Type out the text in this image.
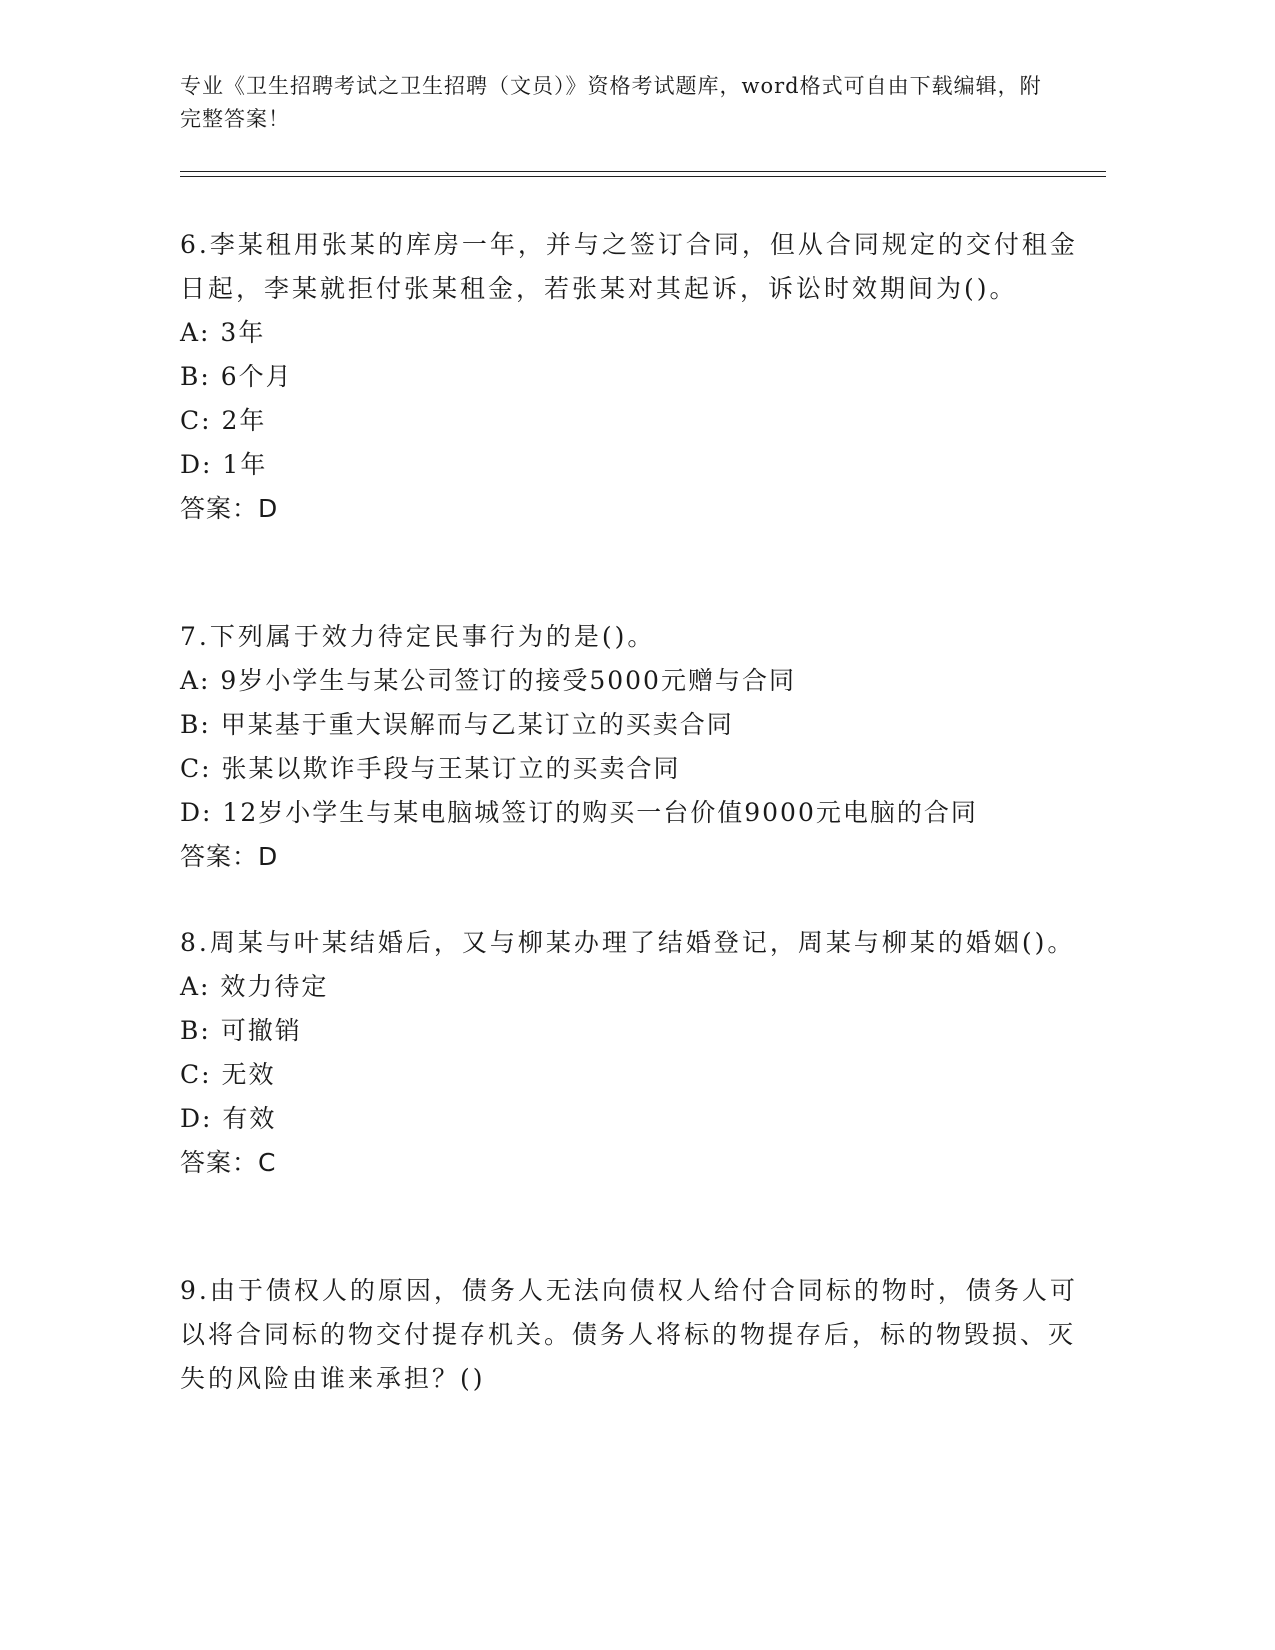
专业《卫生招聘考试之卫生招聘（文员）》资格考试题库，word格式可自由下载编辑，附完整答案！

6.李某租用张某的库房一年，并与之签订合同，但从合同规定的交付租金日起，李某就拒付张某租金，若张某对其起诉，诉讼时效期间为()。

A: 3年

B: 6个月

C: 2年

D: 1年

答案：D

7.下列属于效力待定民事行为的是()。

A: 9岁小学生与某公司签订的接受5000元赠与合同

B: 甲某基于重大误解而与乙某订立的买卖合同

C: 张某以欺诈手段与王某订立的买卖合同

D: 12岁小学生与某电脑城签订的购买一台价值9000元电脑的合同

答案：D

8.周某与叶某结婚后，又与柳某办理了结婚登记，周某与柳某的婚姻()。

A: 效力待定

B: 可撤销

C: 无效

D: 有效

答案：C

9.由于债权人的原因，债务人无法向债权人给付合同标的物时，债务人可以将合同标的物交付提存机关。债务人将标的物提存后，标的物毁损、灭失的风险由谁来承担？()
